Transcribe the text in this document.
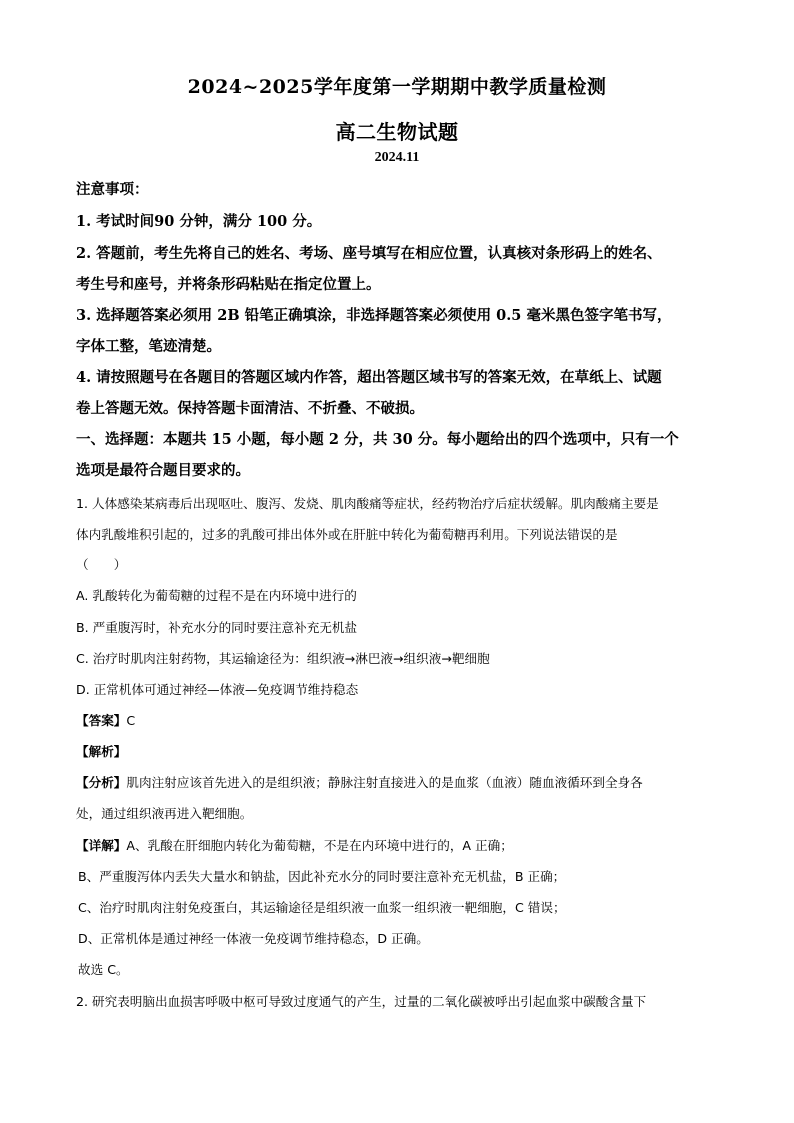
2024~2025学年度第一学期期中教学质量检测
高二生物试题
2024.11
注意事项：
1. 考试时间90 分钟，满分 100 分。
2. 答题前，考生先将自己的姓名、考场、座号填写在相应位置，认真核对条形码上的姓名、
考生号和座号，并将条形码粘贴在指定位置上。
3. 选择题答案必须用 2B 铅笔正确填涂，非选择题答案必须使用 0.5 毫米黑色签字笔书写，
字体工整，笔迹清楚。
4. 请按照题号在各题目的答题区域内作答，超出答题区域书写的答案无效，在草纸上、试题
卷上答题无效。保持答题卡面清洁、不折叠、不破损。
一、选择题：本题共 15 小题，每小题 2 分，共 30 分。每小题给出的四个选项中，只有一个
选项是最符合题目要求的。
1. 人体感染某病毒后出现呕吐、腹泻、发烧、肌肉酸痛等症状，经药物治疗后症状缓解。肌肉酸痛主要是
体内乳酸堆积引起的，过多的乳酸可排出体外或在肝脏中转化为葡萄糖再利用。下列说法错误的是
（　　）
A. 乳酸转化为葡萄糖的过程不是在内环境中进行的
B. 严重腹泻时，补充水分的同时要注意补充无机盐
C. 治疗时肌肉注射药物，其运输途径为：组织液→淋巴液→组织液→靶细胞
D. 正常机体可通过神经—体液—免疫调节维持稳态
【答案】C
【解析】
【分析】肌肉注射应该首先进入的是组织液；静脉注射直接进入的是血浆（血液）随血液循环到全身各
处，通过组织液再进入靶细胞。
【详解】A、乳酸在肝细胞内转化为葡萄糖，不是在内环境中进行的，A 正确；
B、严重腹泻体内丢失大量水和钠盐，因此补充水分的同时要注意补充无机盐，B 正确；
C、治疗时肌肉注射免疫蛋白，其运输途径是组织液一血浆一组织液一靶细胞，C 错误；
D、正常机体是通过神经一体液一免疫调节维持稳态，D 正确。
故选 C。
2. 研究表明脑出血损害呼吸中枢可导致过度通气的产生，过量的二氧化碳被呼出引起血浆中碳酸含量下
